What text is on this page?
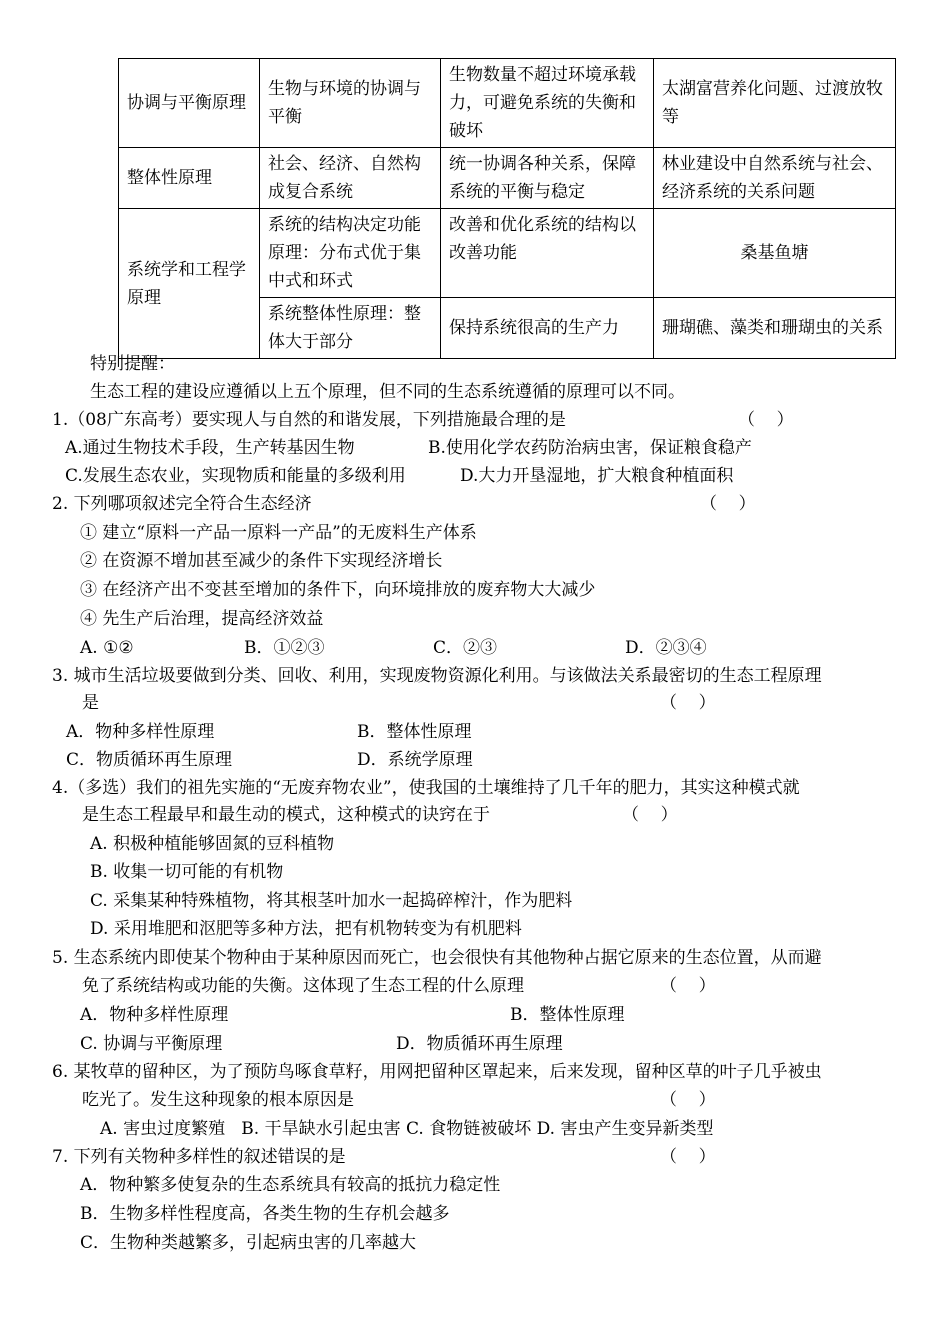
协调与平衡原理	生物与环境的协调与平衡	生物数量不超过环境承载力，可避免系统的失衡和破坏	太湖富营养化问题、过渡放牧等
整体性原理	社会、经济、自然构成复合系统	统一协调各种关系，保障系统的平衡与稳定	林业建设中自然系统与社会、经济系统的关系问题
系统学和工程学原理	系统的结构决定功能原理：分布式优于集中式和环式	改善和优化系统的结构以改善功能	桑基鱼塘
	系统整体性原理：整体大于部分	保持系统很高的生产力	珊瑚礁、藻类和珊瑚虫的关系
特别提醒：
生态工程的建设应遵循以上五个原理，但不同的生态系统遵循的原理可以不同。
1.（08广东高考）要实现人与自然的和谐发展，下列措施最合理的是	（    ）
A.通过生物技术手段，生产转基因生物	B.使用化学农药防治病虫害，保证粮食稳产
C.发展生态农业，实现物质和能量的多级利用	D.大力开垦湿地，扩大粮食种植面积
2. 下列哪项叙述完全符合生态经济	（    ）
① 建立“原料一产品一原料一产品”的无废料生产体系
② 在资源不增加甚至减少的条件下实现经济增长
③ 在经济产出不变甚至增加的条件下，向环境排放的废弃物大大减少
④ 先生产后治理，提高经济效益
A. ①②	B．①②③	C．②③	D．②③④
3. 城市生活垃圾要做到分类、回收、利用，实现废物资源化利用。与该做法关系最密切的生态工程原理
是	（    ）
A．物种多样性原理	B．整体性原理
C．物质循环再生原理	D．系统学原理
4.（多选）我们的祖先实施的“无废弃物农业”，使我国的土壤维持了几千年的肥力，其实这种模式就
是生态工程最早和最生动的模式，这种模式的诀窍在于	（    ）
A. 积极种植能够固氮的豆科植物
B. 收集一切可能的有机物
C. 采集某种特殊植物，将其根茎叶加水一起捣碎榨汁，作为肥料
D. 采用堆肥和沤肥等多种方法，把有机物转变为有机肥料
5. 生态系统内即使某个物种由于某种原因而死亡，也会很快有其他物种占据它原来的生态位置，从而避
免了系统结构或功能的失衡。这体现了生态工程的什么原理	（    ）
A．物种多样性原理	B．整体性原理
C. 协调与平衡原理	D．物质循环再生原理
6. 某牧草的留种区，为了预防鸟啄食草籽，用网把留种区罩起来，后来发现，留种区草的叶子几乎被虫
吃光了。发生这种现象的根本原因是	（    ）
A. 害虫过度繁殖   B. 干旱缺水引起虫害 C. 食物链被破坏 D. 害虫产生变异新类型
7. 下列有关物种多样性的叙述错误的是	（    ）
A．物种繁多使复杂的生态系统具有较高的抵抗力稳定性
B．生物多样性程度高，各类生物的生存机会越多
C．生物种类越繁多，引起病虫害的几率越大
